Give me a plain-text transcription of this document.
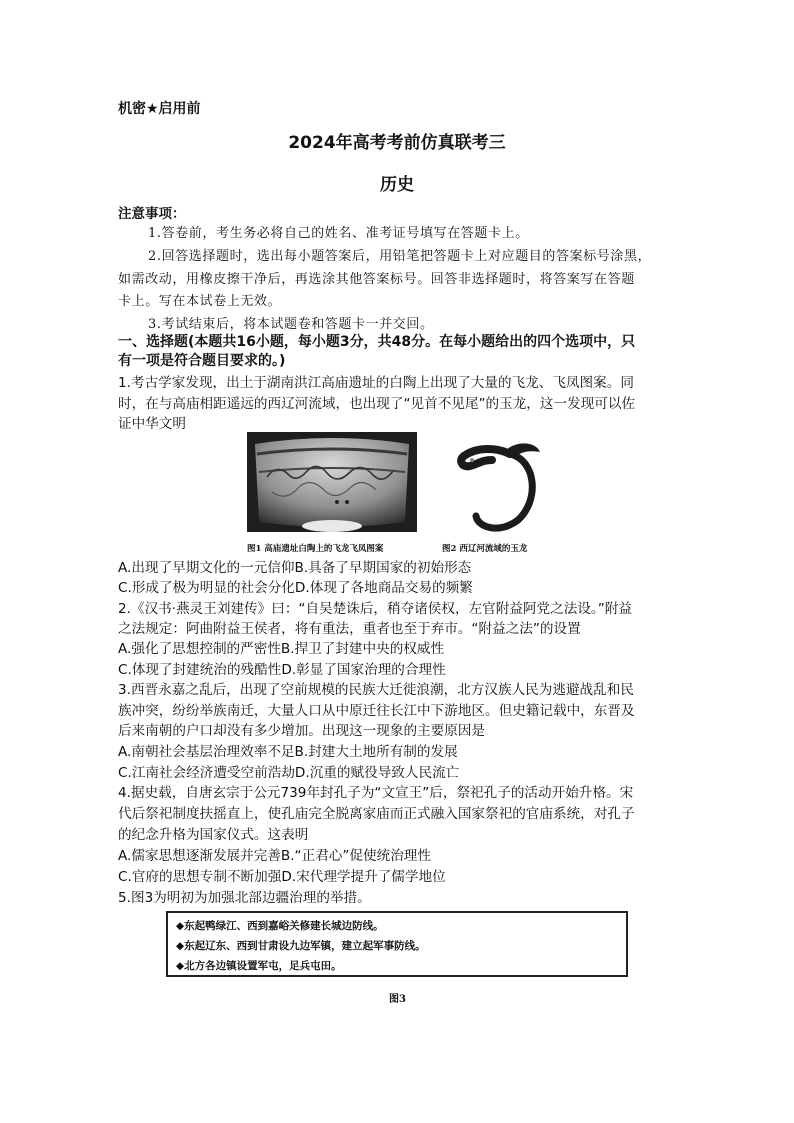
机密★启用前
2024年高考考前仿真联考三
历史
注意事项：
1.答卷前，考生务必将自己的姓名、准考证号填写在答题卡上。
2.回答选择题时，选出每小题答案后，用铅笔把答题卡上对应题目的答案标号涂黑，
如需改动，用橡皮擦干净后，再选涂其他答案标号。回答非选择题时，将答案写在答题
卡上。写在本试卷上无效。
3.考试结束后，将本试题卷和答题卡一并交回。
一、选择题(本题共16小题，每小题3分，共48分。在每小题给出的四个选项中，只
有一项是符合题目要求的。)
1.考古学家发现，出土于湖南洪江高庙遗址的白陶上出现了大量的飞龙、飞凤图案。同
时，在与高庙相距遥远的西辽河流域，也出现了“见首不见尾”的玉龙，这一发现可以佐
证中华文明
图1 高庙遗址白陶上的飞龙飞凤图案	图2 西辽河流域的玉龙
A.出现了早期文化的一元信仰B.具备了早期国家的初始形态
C.形成了极为明显的社会分化D.体现了各地商品交易的频繁
2.《汉书·燕灵王刘建传》曰：“自吴楚诛后，稍夺诸侯权，左官附益阿党之法设。”附益
之法规定：阿曲附益王侯者，将有重法，重者也至于弃市。“附益之法”的设置
A.强化了思想控制的严密性B.捍卫了封建中央的权威性
C.体现了封建统治的残酷性D.彰显了国家治理的合理性
3.西晋永嘉之乱后，出现了空前规模的民族大迁徙浪潮，北方汉族人民为逃避战乱和民
族冲突，纷纷举族南迁，大量人口从中原迁往长江中下游地区。但史籍记载中，东晋及
后来南朝的户口却没有多少增加。出现这一现象的主要原因是
A.南朝社会基层治理效率不足B.封建大土地所有制的发展
C.江南社会经济遭受空前浩劫D.沉重的赋役导致人民流亡
4.据史载，自唐玄宗于公元739年封孔子为“文宣王”后，祭祀孔子的活动开始升格。宋
代后祭祀制度扶摇直上，使孔庙完全脱离家庙而正式融入国家祭祀的官庙系统，对孔子
的纪念升格为国家仪式。这表明
A.儒家思想逐渐发展并完善B.“正君心”促使统治理性
C.官府的思想专制不断加强D.宋代理学提升了儒学地位
5.图3为明初为加强北部边疆治理的举措。
◆东起鸭绿江、西到嘉峪关修建长城边防线。
◆东起辽东、西到甘肃设九边军镇，建立起军事防线。
◆北方各边镇设置军屯，足兵屯田。
图3
